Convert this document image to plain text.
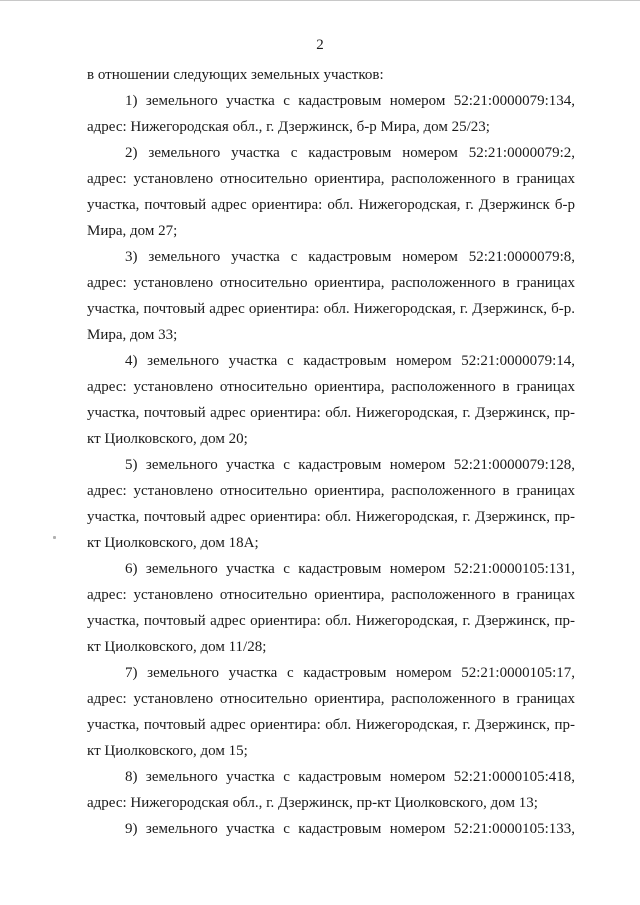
2

в отношении следующих земельных участков:

1) земельного участка с кадастровым номером 52:21:0000079:134, адрес: Нижегородская обл., г. Дзержинск, б-р Мира, дом 25/23;

2) земельного участка с кадастровым номером 52:21:0000079:2, адрес: установлено относительно ориентира, расположенного в границах участка, почтовый адрес ориентира: обл. Нижегородская, г. Дзержинск б-р Мира, дом 27;

3) земельного участка с кадастровым номером 52:21:0000079:8, адрес: установлено относительно ориентира, расположенного в границах участка, почтовый адрес ориентира: обл. Нижегородская, г. Дзержинск, б-р. Мира, дом 33;

4) земельного участка с кадастровым номером 52:21:0000079:14, адрес: установлено относительно ориентира, расположенного в границах участка, почтовый адрес ориентира: обл. Нижегородская, г. Дзержинск, пр-кт Циолковского, дом 20;

5) земельного участка с кадастровым номером 52:21:0000079:128, адрес: установлено относительно ориентира, расположенного в границах участка, почтовый адрес ориентира: обл. Нижегородская, г. Дзержинск, пр-кт Циолковского, дом 18А;

6) земельного участка с кадастровым номером 52:21:0000105:131, адрес: установлено относительно ориентира, расположенного в границах участка, почтовый адрес ориентира: обл. Нижегородская, г. Дзержинск, пр-кт Циолковского, дом 11/28;

7) земельного участка с кадастровым номером 52:21:0000105:17, адрес: установлено относительно ориентира, расположенного в границах участка, почтовый адрес ориентира: обл. Нижегородская, г. Дзержинск, пр-кт Циолковского, дом 15;

8) земельного участка с кадастровым номером 52:21:0000105:418, адрес: Нижегородская обл., г. Дзержинск, пр-кт Циолковского, дом 13;

9) земельного участка с кадастровым номером 52:21:0000105:133,
